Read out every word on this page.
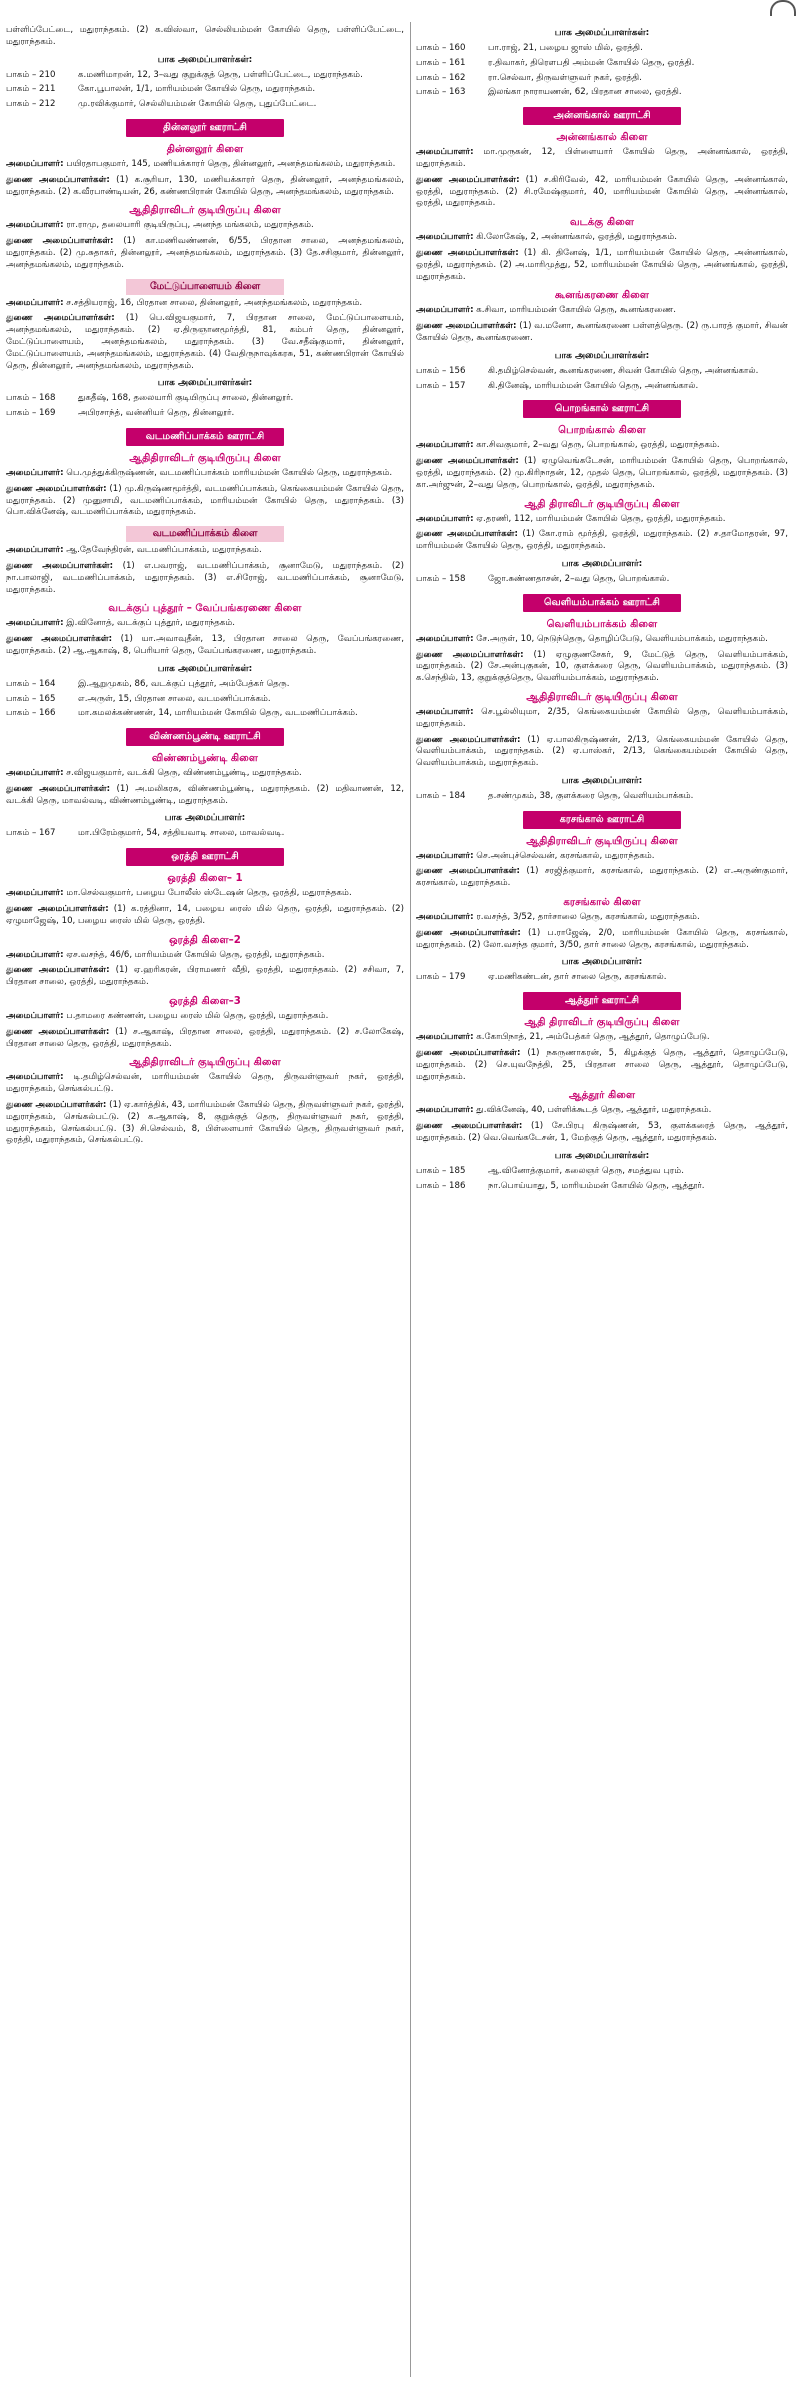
பள்ளிப்பேட்டை, மதுராந்தகம். (2) க.விஸ்வா, செல்லியம்மன் கோயில் தெரு, பள்ளிப்பேட்டை, மதுராந்தகம்.
பாக அமைப்பாளர்கள்:
பாகம் – 210	க.மணிமாறன், 12, 3–வது குறுக்குத் தெரு, பள்ளிப்பேட்டை, மதுராந்தகம்.
பாகம் – 211	கோ.பூபாலன், 1/1, மாரியம்மன் கோயில் தெரு, மதுராந்தகம்.
பாகம் – 212	மு.ரவிக்குமார், செல்லியம்மன் கோயில் தெரு, புதுப்பேட்டை.
தின்னலூர் ஊராட்சி
தின்னலூர் கிளை
அமைப்பாளர்: பயிரதாபகுமார், 145, மணியக்காரர் தெரு, தின்னலூர், அனந்தமங்கலம், மதுராந்தகம்.
துணை அமைப்பாளர்கள்: (1) க.சூரியா, 130, மணியக்காரர் தெரு, தின்னலூர், அனந்தமங்கலம், மதுராந்தகம். (2) க.வீரபாண்டியன், 26, கண்ணபிரான் கோயில் தெரு, அனந்தமங்கலம், மதுராந்தகம்.
ஆதிதிராவிடர் குடியிருப்பு கிளை
அமைப்பாளர்: ரா.ராமு, தலையாரி குடியிருப்பு, அனந்த மங்கலம், மதுராந்தகம்.
துணை அமைப்பாளர்கள்: (1) கா.மணிவண்ணன், 6/55, பிரதான சாலை, அனந்தமங்கலம், மதுராந்தகம். (2) மு.சுதாகர், தின்னலூர், அனந்தமங்கலம், மதுராந்தகம். (3) தே.சசிகுமார், தின்னலூர், அனந்தமங்கலம், மதுராந்தகம்.
மேட்டுப்பாளையம் கிளை
அமைப்பாளர்: ச.சத்தியராஜ், 16, பிரதான சாலை, தின்னலூர், அனந்தமங்கலம், மதுராந்தகம்.
துணை அமைப்பாளர்கள்: (1) பெ.விஜயகுமார், 7, பிரதான சாலை, மேட்டுப்பாளையம், அனந்தமங்கலம், மதுராந்தகம். (2) ஏ.திருஞானமூர்த்தி, 81, கம்பர் தெரு, தின்னலூர், மேட்டுப்பாளையம், அனந்தமங்கலம், மதுராந்தகம். (3) வே.சதீஷ்குமார், தின்னலூர், மேட்டுப்பாளையம், அனந்தமங்கலம், மதுராந்தகம். (4) வேதிருநாவுக்கரசு, 51, கண்ணபிரான் கோயில் தெரு, தின்னலூர், அனந்தமங்கலம், மதுராந்தகம்.
பாக அமைப்பாளர்கள்:
பாகம் – 168	துகதீஷ், 168, தலையாரி குடியிருப்பு சாலை, தின்னலூர்.
பாகம் – 169	அபிரசாந்த், வன்னியர் தெரு, தின்னலூர்.
வடமணிப்பாக்கம் ஊராட்சி
ஆதிதிராவிடர் குடியிருப்பு கிளை
அமைப்பாளர்: பெ.முத்துக்கிருஷ்ணன், வடமணிப்பாக்கம் மாரியம்மன் கோயில் தெரு, மதுராந்தகம்.
துணை அமைப்பாளர்கள்: (1) மு.கிருஷ்ணமூர்த்தி, வடமணிப்பாக்கம், கெங்கையம்மன் கோயில் தெரு, மதுராந்தகம். (2) முனுசாமி, வடமணிப்பாக்கம், மாரியம்மன் கோயில் தெரு, மதுராந்தகம். (3) பொ.விக்னேஷ், வடமணிப்பாக்கம், மதுராந்தகம்.
வடமணிப்பாக்கம் கிளை
அமைப்பாளர்: ஆ.தேவேந்திரன், வடமணிப்பாக்கம், மதுராந்தகம்.
துணை அமைப்பாளர்கள்: (1) எ.பவராஜ், வடமணிப்பாக்கம், சூனாமேடு, மதுராந்தகம். (2) நா.பாலாஜி, வடமணிப்பாக்கம், மதுராந்தகம். (3) எ.சிரோஜ், வடமணிப்பாக்கம், சூனாமேடு, மதுராந்தகம்.
வடக்குப் புத்தூர் – வேப்பங்கரணை கிளை
அமைப்பாளர்: இ.வினோத், வடக்குப் புத்தூர், மதுராந்தகம்.
துணை அமைப்பாளர்கள்: (1) யா.அவாவுதீன், 13, பிரதான சாலை தெரு, வேப்பங்கரணை, மதுராந்தகம். (2) ஆ.ஆகாஷ், 8, பெரியார் தெரு, வேப்பங்கரணை, மதுராந்தகம்.
பாக அமைப்பாளர்கள்:
பாகம் – 164	இ.ஆறுமுகம், 86, வடக்குப் புத்தூர், அம்பேத்கர் தெரு.
பாகம் – 165	எ.அருள், 15, பிரதான சாலை, வடமணிப்பாக்கம்.
பாகம் – 166	மா.கமலக்கண்ணன், 14, மாரியம்மன் கோயில் தெரு, வடமணிப்பாக்கம்.
விண்ணம்பூண்டி ஊராட்சி
விண்ணம்பூண்டி கிளை
அமைப்பாளர்: ச.விஜயகுமார், வடக்கி தெரு, விண்ணம்பூண்டி, மதுராந்தகம்.
துணை அமைப்பாளர்கள்: (1) அ.மலிகரசு, விண்ணம்பூண்டி, மதுராந்தகம். (2) மதிவாணன், 12, வடக்கி தெரு, மாவல்வடி, விண்ணம்பூண்டி, மதுராந்தகம்.
பாக அமைப்பாளர்:
பாகம் – 167	மா.பிரேம்குமார், 54, சத்தியவாடி சாலை, மாவல்வடி.
ஒரத்தி ஊராட்சி
ஒரத்தி கிளை– 1
அமைப்பாளர்: மா.செல்வகுமார், பழைய போலீஸ் ஸ்டேஷன் தெரு, ஒரத்தி, மதுராந்தகம்.
துணை அமைப்பாளர்கள்: (1) க.ரத்தினா, 14, பழைய ரைஸ் மில் தெரு, ஒரத்தி, மதுராந்தகம். (2) ஏழுமாஜேஷ், 10, பழைய ரைஸ் மில் தெரு, ஒரத்தி.
ஒரத்தி கிளை–2
அமைப்பாளர்: ஏச.வசந்த், 46/6, மாரியம்மன் கோயில் தெரு, ஒரத்தி, மதுராந்தகம்.
துணை அமைப்பாளர்கள்: (1) ஏ.ஹரிகரன், பிராமணர் வீதி, ஒரத்தி, மதுராந்தகம். (2) சசிவா, 7, பிரதான சாலை, ஒரத்தி, மதுராந்தகம்.
ஒரத்தி கிளை–3
அமைப்பாளர்: ப.தாமரை கண்ணன், பழைய ரைஸ் மில் தெரு, ஒரத்தி, மதுராந்தகம்.
துணை அமைப்பாளர்கள்: (1) ச.ஆகாஷ், பிரதான சாலை, ஒரத்தி, மதுராந்தகம். (2) ச.லோகேஷ், பிரதான சாலை தெரு, ஒரத்தி, மதுராந்தகம்.
ஆதிதிராவிடர் குடியிருப்பு கிளை
அமைப்பாளர்: டி.தமிழ்செல்வன், மாரியம்மன் கோயில் தெரு, திருவள்ளுவர் நகர், ஒரத்தி, மதுராந்தகம், செங்கல்பட்டு.
துணை அமைப்பாளர்கள்: (1) ஏ.கார்த்திக், 43, மாரியம்மன் கோயில் தெரு, திருவள்ளுவர் நகர், ஒரத்தி, மதுராந்தகம், செங்கல்பட்டு. (2) க.ஆகாஷ், 8, குறுக்குத் தெரு, திருவள்ளுவர் நகர், ஒரத்தி, மதுராந்தகம், செங்கல்பட்டு. (3) சி.செல்வம், 8, பிள்ளையார் கோயில் தெரு, திருவள்ளுவர் நகர், ஒரத்தி, மதுராந்தகம், செங்கல்பட்டு.
பாக அமைப்பாளர்கள்:
பாகம் – 160	பா.ராஜ், 21, பழைய ஜாஸ் மில், ஒரத்தி.
பாகம் – 161	ர.திவாகர், திரௌபதி அம்மன் கோயில் தெரு, ஒரத்தி.
பாகம் – 162	ரா.செல்வா, திருவள்ளுவர் நகர், ஒரத்தி.
பாகம் – 163	இலங்கா நாராயணன், 62, பிரதான சாலை, ஒரத்தி.
அன்னங்கால் ஊராட்சி
அன்னங்கால் கிளை
அமைப்பாளர்: மா.முருகன், 12, பிள்ளையார் கோயில் தெரு, அன்னங்கால், ஒரத்தி, மதுராந்தகம்.
துணை அமைப்பாளர்கள்: (1) ச.கிரிவேல், 42, மாரியம்மன் கோயில் தெரு, அன்னங்கால், ஒரத்தி, மதுராந்தகம். (2) சி.ரமேஷ்குமார், 40, மாரியம்மன் கோயில் தெரு, அன்னங்கால், ஒரத்தி, மதுராந்தகம்.
வடக்கு கிளை
அமைப்பாளர்: கி.லோகேஷ், 2, அன்னங்கால், ஒரத்தி, மதுராந்தகம்.
துணை அமைப்பாளர்கள்: (1) கி. தினேஷ், 1/1, மாரியம்மன் கோயில் தெரு, அன்னங்கால், ஒரத்தி, மதுராந்தகம். (2) அ.மாரிமுத்து, 52, மாரியம்மன் கோயில் தெரு, அன்னங்கால், ஒரத்தி, மதுராந்தகம்.
கூனங்கரணை கிளை
அமைப்பாளர்: க.சிவா, மாரியம்மன் கோயில் தெரு, கூனங்கரணை.
துணை அமைப்பாளர்கள்: (1) வ.மனோ, கூனங்கரணை பள்ளத்தெரு. (2) ரு.பாரத் குமார், சிவன் கோயில் தெரு, கூனங்கரணை.
பாக அமைப்பாளர்கள்:
பாகம் – 156	கி.தமிழ்செல்வன், கூனங்கரணை, சிவன் கோயில் தெரு, அன்னங்கால்.
பாகம் – 157	கி.தினேஷ், மாரியம்மன் கோயில் தெரு, அன்னங்கால்.
பொறங்கால் ஊராட்சி
பொறங்கால் கிளை
அமைப்பாளர்: கா.சிவகுமார், 2–வது தெரு, பொறங்கால், ஒரத்தி, மதுராந்தகம்.
துணை அமைப்பாளர்கள்: (1) ஏழுவெங்கடேசன், மாரியம்மன் கோயில் தெரு, பொறங்கால், ஒரத்தி, மதுராந்தகம். (2) மு.கிரிநாதன், 12, முதல் தெரு, பொறங்கால், ஒரத்தி, மதுராந்தகம். (3) கா.அர்ஜுன், 2–வது தெரு, பொறங்கால், ஒரத்தி, மதுராந்தகம்.
ஆதி திராவிடர் குடியிருப்பு கிளை
அமைப்பாளர்: ஏ.தரணி, 112, மாரியம்மன் கோயில் தெரு, ஒரத்தி, மதுராந்தகம்.
துணை அமைப்பாளர்கள்: (1) கோ.ராம் மூர்த்தி, ஒரத்தி, மதுராந்தகம். (2) ச.தாமோதரன், 97, மாரியம்மன் கோயில் தெரு, ஒரத்தி, மதுராந்தகம்.
பாக அமைப்பாளர்:
பாகம் – 158	ஜோ.சுண்ணதாசன், 2–வது தெரு, பொறங்கால்.
வெளியம்பாக்கம் ஊராட்சி
வெளியம்பாக்கம் கிளை
அமைப்பாளர்: சே.அருள், 10, நெடுந்தெரு, தொழிப்பேடு, வெளியம்பாக்கம், மதுராந்தகம்.
துணை அமைப்பாளர்கள்: (1) ஏழுகுணசேகர், 9, மேட்டுத் தெரு, வெளியம்பாக்கம், மதுராந்தகம். (2) சே.அன்புகுகன், 10, குளக்கரை தெரு, வெளியம்பாக்கம், மதுராந்தகம். (3) க.செந்தில், 13, குறுக்குத்தெரு, வெளியம்பாக்கம், மதுராந்தகம்.
ஆதிதிராவிடர் குடியிருப்பு கிளை
அமைப்பாளர்: செ.பூல்லியுமா, 2/35, கெங்கையம்மன் கோயில் தெரு, வெளியம்பாக்கம், மதுராந்தகம்.
துணை அமைப்பாளர்கள்: (1) ஏ.பாலகிருஷ்ணன், 2/13, கெங்கையம்மன் கோயில் தெரு, வெளியம்பாக்கம், மதுராந்தகம். (2) ஏ.பாஸ்கர், 2/13, கெங்கையம்மன் கோயில் தெரு, வெளியம்பாக்கம், மதுராந்தகம்.
பாக அமைப்பாளர்:
பாகம் – 184	த.சண்முகம், 38, குளக்கரை தெரு, வெளியம்பாக்கம்.
கரசங்கால் ஊராட்சி
ஆதிதிராவிடர் குடியிருப்பு கிளை
அமைப்பாளர்: செ.அன்புச்செல்வன், கரசங்கால், மதுராந்தகம்.
துணை அமைப்பாளர்கள்: (1) சரஜித்குமார், கரசங்கால், மதுராந்தகம். (2) எ.அருண்குமார், கரசங்கால், மதுராந்தகம்.
கரசங்கால் கிளை
அமைப்பாளர்: ர.வசந்த், 3/52, தார்சாலை தெரு, கரசங்கால், மதுராந்தகம்.
துணை அமைப்பாளர்கள்: (1) ப.ராஜேஷ், 2/0, மாரியம்மன் கோயில் தெரு, கரசங்கால், மதுராந்தகம். (2) லோ.வசந்த குமார், 3/50, தார் சாலை தெரு, கரசங்கால், மதுராந்தகம்.
பாக அமைப்பாளர்:
பாகம் – 179	ஏ.மணிகண்டன், தார் சாலை தெரு, கரசங்கால்.
ஆத்தூர் ஊராட்சி
ஆதி திராவிடர் குடியிருப்பு கிளை
அமைப்பாளர்: க.கோபிநாத், 21, அம்பேத்கர் தெரு, ஆத்தூர், தொழுப்பேடு.
துணை அமைப்பாளர்கள்: (1) நகருணாகரன், 5, கிழக்குத் தெரு, ஆத்தூர், தொழுப்பேடு, மதுராந்தகம். (2) செ.யுவநேத்தி, 25, பிரதான சாலை தெரு, ஆத்தூர், தொழுப்பேடு, மதுராந்தகம்.
ஆத்தூர் கிளை
அமைப்பாளர்: து.விக்னேஷ், 40, பள்ளிக்கூடத் தெரு, ஆத்தூர், மதுராந்தகம்.
துணை அமைப்பாளர்கள்: (1) சே.பிரபு கிருஷ்ணன், 53, குளக்கரைத் தெரு, ஆத்தூர், மதுராந்தகம். (2) வெ.வெங்கடேசன், 1, மேற்குத் தெரு, ஆத்தூர், மதுராந்தகம்.
பாக அமைப்பாளர்கள்:
பாகம் – 185	ஆ.வினோத்குமார், கலைஞர் தெரு, சமத்துவ புரம்.
பாகம் – 186	நா.பொய்யாது, 5, மாரியம்மன் கோயில் தெரு, ஆத்தூர்.
